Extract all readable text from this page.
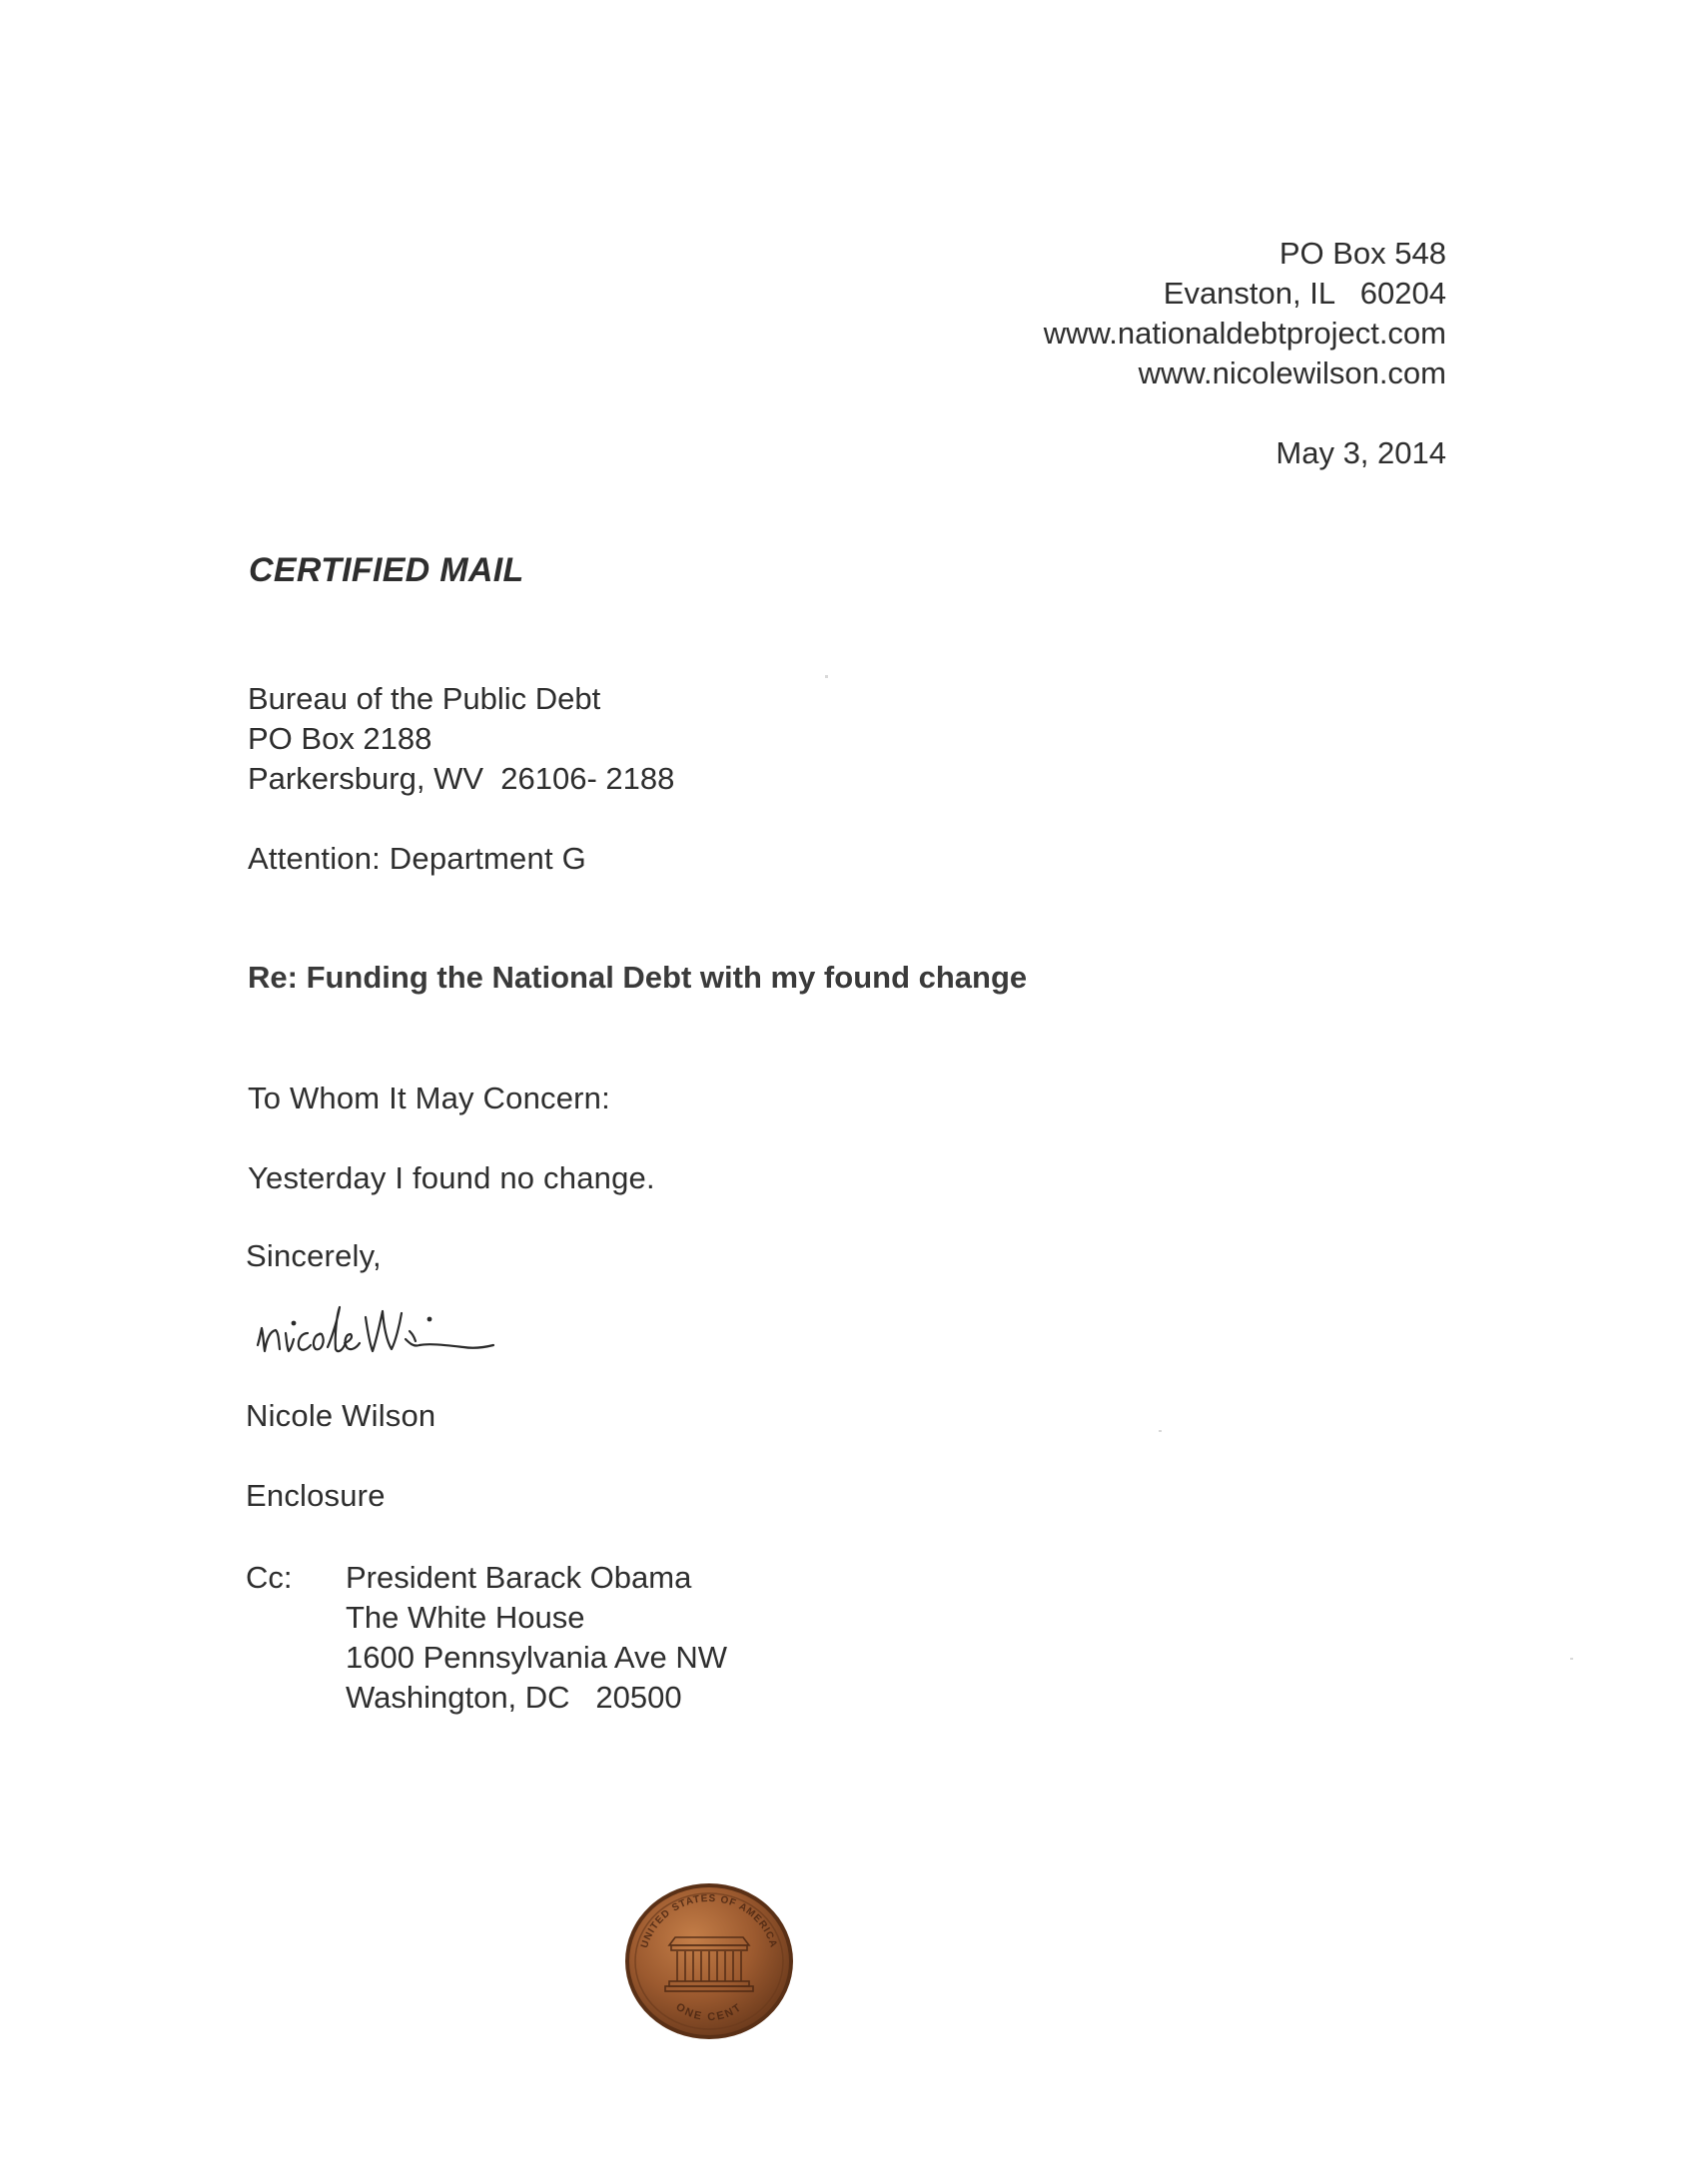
PO Box 548
Evanston, IL   60204
www.nationaldebtproject.com
www.nicolewilson.com
May 3, 2014
CERTIFIED MAIL
Bureau of the Public Debt
PO Box 2188
Parkersburg, WV  26106- 2188
Attention: Department G
Re: Funding the National Debt with my found change
To Whom It May Concern:
Yesterday I found no change.
Sincerely,
Nicole Wilson
Enclosure
Cc: President Barack Obama
The White House
1600 Pennsylvania Ave NW
Washington, DC   20500
UNITED STATES OF AMERICA
ONE CENT
